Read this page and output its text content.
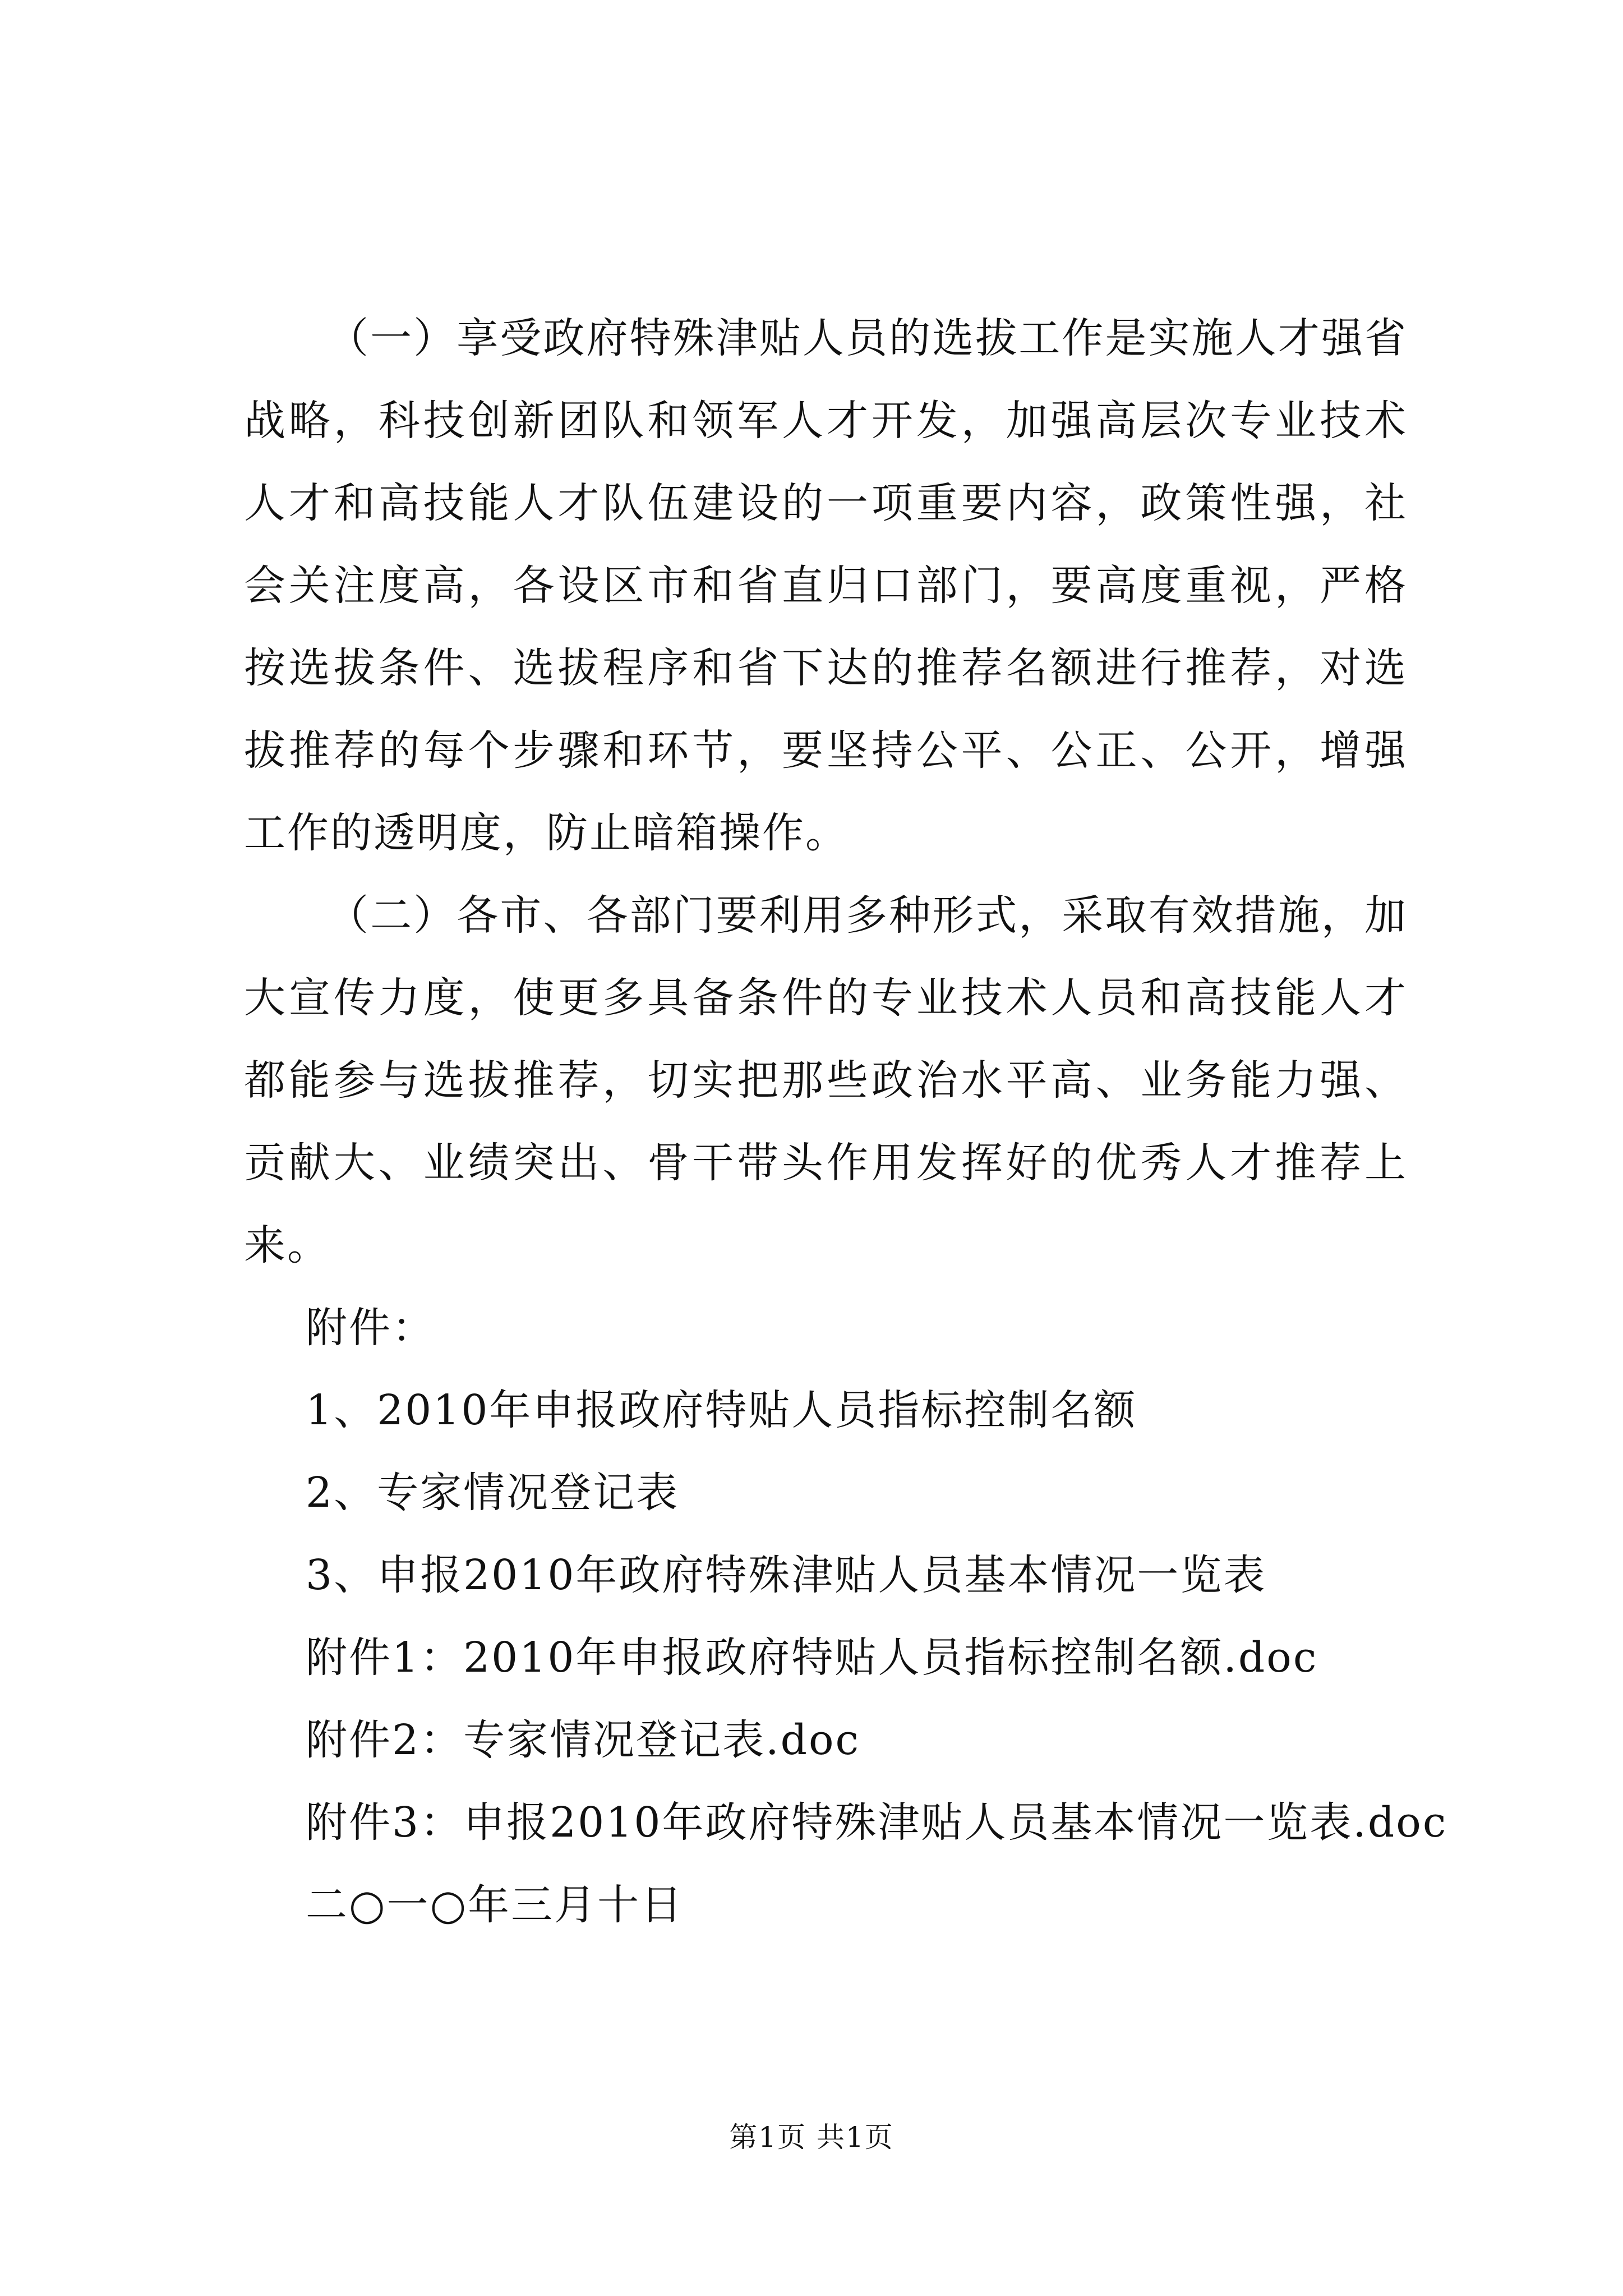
（一）享受政府特殊津贴人员的选拔工作是实施人才强省战略，科技创新团队和领军人才开发，加强高层次专业技术人才和高技能人才队伍建设的一项重要内容，政策性强，社会关注度高，各设区市和省直归口部门，要高度重视，严格按选拔条件、选拔程序和省下达的推荐名额进行推荐，对选拔推荐的每个步骤和环节，要坚持公平、公正、公开，增强工作的透明度，防止暗箱操作。

（二）各市、各部门要利用多种形式，采取有效措施，加大宣传力度，使更多具备条件的专业技术人员和高技能人才都能参与选拔推荐，切实把那些政治水平高、业务能力强、贡献大、业绩突出、骨干带头作用发挥好的优秀人才推荐上来。

附件：

1、2010年申报政府特贴人员指标控制名额

2、专家情况登记表

3、申报2010年政府特殊津贴人员基本情况一览表

附件1：2010年申报政府特贴人员指标控制名额.doc

附件2：专家情况登记表.doc

附件3：申报2010年政府特殊津贴人员基本情况一览表.doc

二○一○年三月十日

第1页 共1页
